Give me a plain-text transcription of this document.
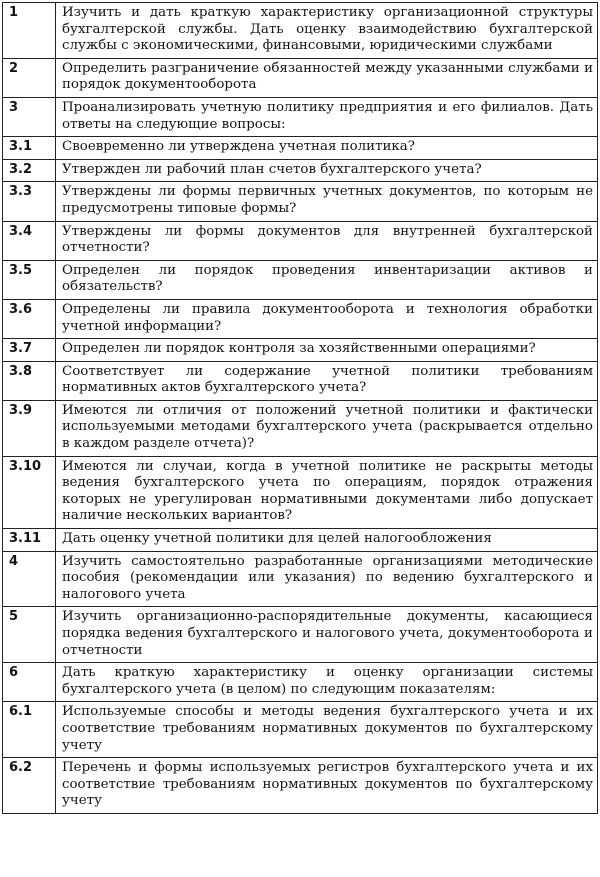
1	Изучить и дать краткую характеристику организационной структуры бухгалтерской службы. Дать оценку взаимодействию бухгалтерской службы с экономическими, финансовыми, юридическими службами
2	Определить разграничение обязанностей между указанными службами и порядок документооборота
3	Проанализировать учетную политику предприятия и его филиалов. Дать ответы на следующие вопросы:
3.1	Своевременно ли утверждена учетная политика?
3.2	Утвержден ли рабочий план счетов бухгалтерского учета?
3.3	Утверждены ли формы первичных учетных документов, по которым не предусмотрены типовые формы?
3.4	Утверждены ли формы документов для внутренней бухгалтерской отчетности?
3.5	Определен ли порядок проведения инвентаризации активов и обязательств?
3.6	Определены ли правила документооборота и технология обработки учетной информации?
3.7	Определен ли порядок контроля за хозяйственными операциями?
3.8	Соответствует ли содержание учетной политики требованиям нормативных актов бухгалтерского учета?
3.9	Имеются ли отличия от положений учетной политики и фактически используемыми методами бухгалтерского учета (раскрывается отдельно в каждом разделе отчета)?
3.10	Имеются ли случаи, когда в учетной политике не раскрыты методы ведения бухгалтерского учета по операциям, порядок отражения которых не урегулирован нормативными документами либо допускает наличие нескольких вариантов?
3.11	Дать оценку учетной политики для целей налогообложения
4	Изучить самостоятельно разработанные организациями методические пособия (рекомендации или указания) по ведению бухгалтерского и налогового учета
5	Изучить организационно-распорядительные документы, касающиеся порядка ведения бухгалтерского и налогового учета, документооборота и отчетности
6	Дать краткую характеристику и оценку организации системы бухгалтерского учета (в целом) по следующим показателям:
6.1	Используемые способы и методы ведения бухгалтерского учета и их соответствие требованиям нормативных документов по бухгалтерскому учету
6.2	Перечень и формы используемых регистров бухгалтерского учета и их соответствие требованиям нормативных документов по бухгалтерскому учету
